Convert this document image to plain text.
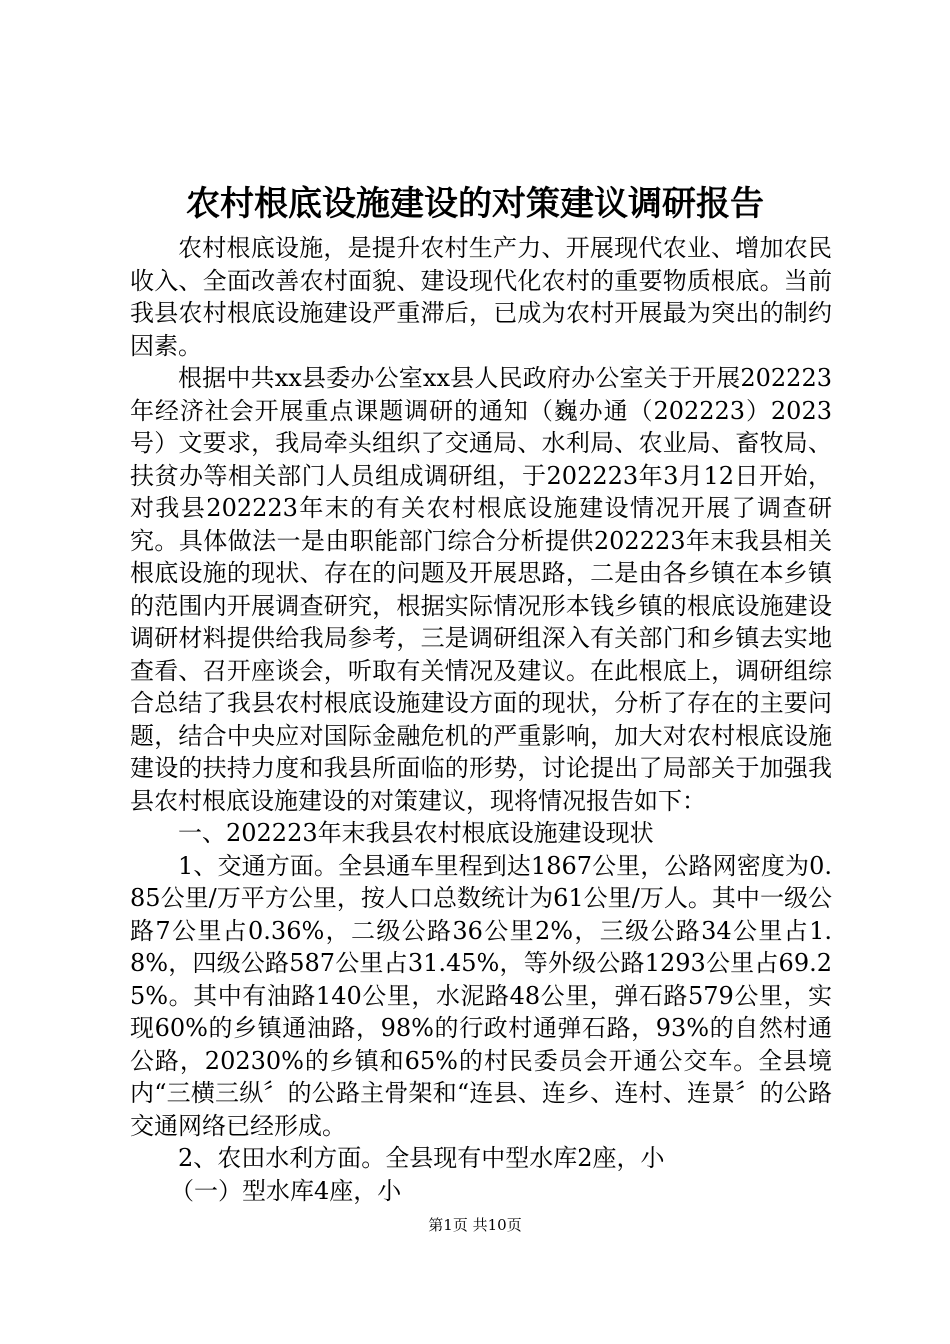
农村根底设施建设的对策建议调研报告

农村根底设施，是提升农村生产力、开展现代农业、增加农民收入、全面改善农村面貌、建设现代化农村的重要物质根底。当前我县农村根底设施建设严重滞后，已成为农村开展最为突出的制约因素。

根据中共xx县委办公室xx县人民政府办公室关于开展202223年经济社会开展重点课题调研的通知（巍办通（202223）2023号）文要求，我局牵头组织了交通局、水利局、农业局、畜牧局、扶贫办等相关部门人员组成调研组，于202223年3月12日开始，对我县202223年末的有关农村根底设施建设情况开展了调查研究。具体做法一是由职能部门综合分析提供202223年末我县相关根底设施的现状、存在的问题及开展思路，二是由各乡镇在本乡镇的范围内开展调查研究，根据实际情况形本钱乡镇的根底设施建设调研材料提供给我局参考，三是调研组深入有关部门和乡镇去实地查看、召开座谈会，听取有关情况及建议。在此根底上，调研组综合总结了我县农村根底设施建设方面的现状，分析了存在的主要问题，结合中央应对国际金融危机的严重影响，加大对农村根底设施建设的扶持力度和我县所面临的形势，讨论提出了局部关于加强我县农村根底设施建设的对策建议，现将情况报告如下：

一、202223年末我县农村根底设施建设现状

1、交通方面。全县通车里程到达1867公里，公路网密度为0.85公里/万平方公里，按人口总数统计为61公里/万人。其中一级公路7公里占0.36%，二级公路36公里2%，三级公路34公里占1.8%，四级公路587公里占31.45%，等外级公路1293公里占69.25%。其中有油路140公里，水泥路48公里，弹石路579公里，实现60%的乡镇通油路，98%的行政村通弹石路，93%的自然村通公路，20230%的乡镇和65%的村民委员会开通公交车。全县境内“三横三纵〞的公路主骨架和“连县、连乡、连村、连景〞的公路交通网络已经形成。

2、农田水利方面。全县现有中型水库2座，小

（一）型水库4座，小

第1页 共10页
